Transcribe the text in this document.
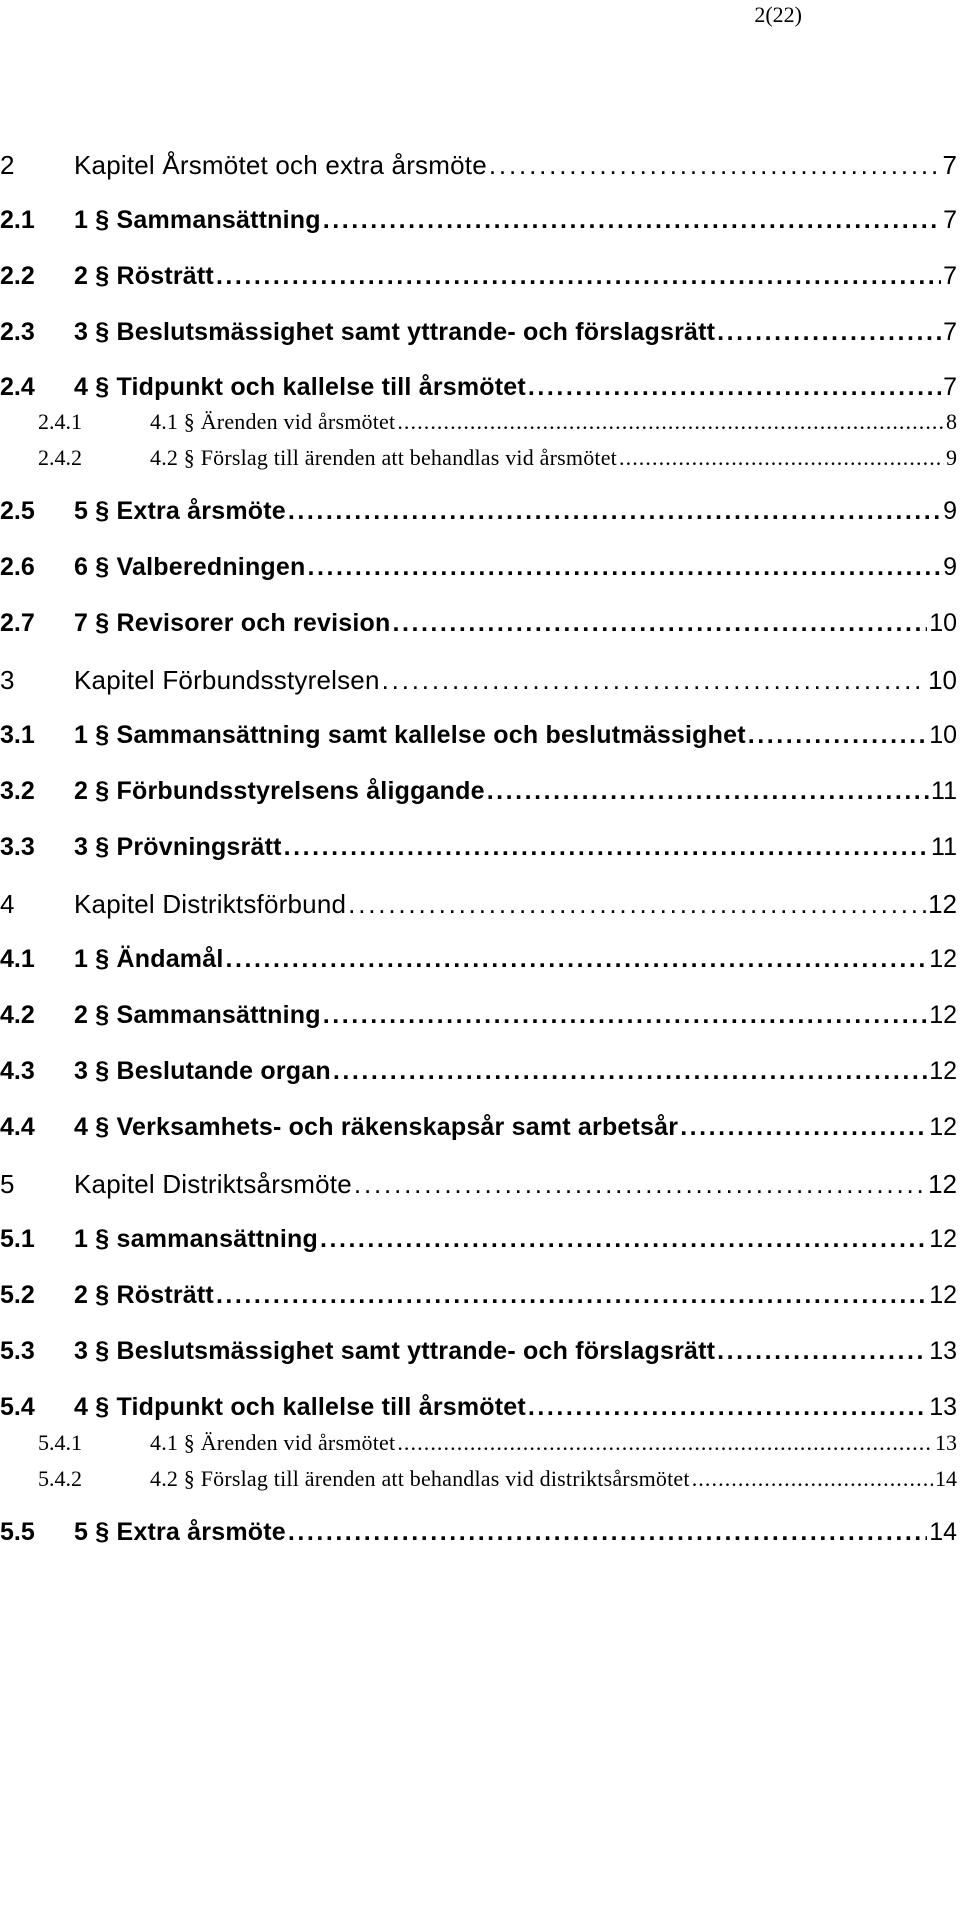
2(22)
2	Kapitel Årsmötet och extra årsmöte . . .	7
2.1	1 § Sammansättning . . .	7
2.2	2 § Rösträtt . . .	7
2.3	3 § Beslutsmässighet samt yttrande- och förslagsrätt . . .	7
2.4	4 § Tidpunkt och kallelse till årsmötet . . .	7
2.4.1	4.1 § Ärenden vid årsmötet . . .	8
2.4.2	4.2 § Förslag till ärenden att behandlas vid årsmötet . . .	9
2.5	5 § Extra årsmöte . . .	9
2.6	6 § Valberedningen . . .	9
2.7	7 § Revisorer och revision . . .	10
3	Kapitel Förbundsstyrelsen . . .	10
3.1	1 § Sammansättning samt kallelse och beslutmässighet . . .	10
3.2	2 § Förbundsstyrelsens åliggande . . .	11
3.3	3 § Prövningsrätt . . .	11
4	Kapitel Distriktsförbund . . .	12
4.1	1 § Ändamål . . .	12
4.2	2 § Sammansättning . . .	12
4.3	3 § Beslutande organ . . .	12
4.4	4 § Verksamhets- och räkenskapsår samt arbetsår . . .	12
5	Kapitel Distriktsårsmöte . . .	12
5.1	1 § sammansättning . . .	12
5.2	2 § Rösträtt . . .	12
5.3	3 § Beslutsmässighet samt yttrande- och förslagsrätt . . .	13
5.4	4 § Tidpunkt och kallelse till årsmötet . . .	13
5.4.1	4.1 § Ärenden vid årsmötet . . .	13
5.4.2	4.2 § Förslag till ärenden att behandlas vid distriktsårsmötet . . .	14
5.5	5 § Extra årsmöte . . .	14
